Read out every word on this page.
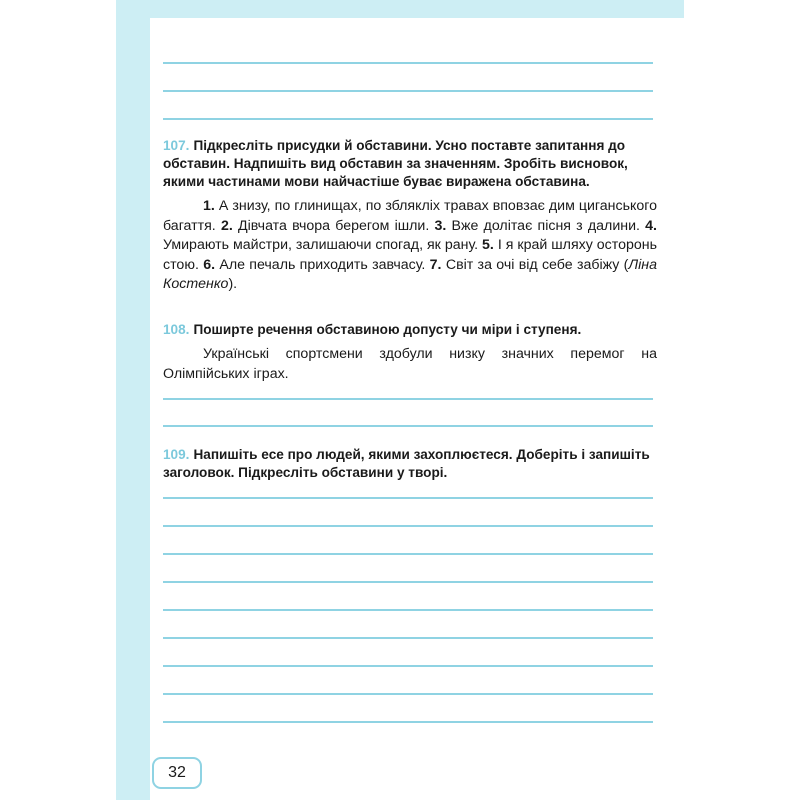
107. Підкресліть присудки й обставини. Усно поставте запитання до обставин. Надпишіть вид обставин за значенням. Зробіть висновок, якими частинами мови найчастіше буває виражена обставина.

1. А знизу, по глинищах, по зблякліх травах вповзає дим циганського багаття. 2. Дівчата вчора берегом ішли. 3. Вже долітає пісня з далини. 4. Умирають майстри, залишаючи спогад, як рану. 5. І я край шляху осторонь стою. 6. Але печаль приходить завчасу. 7. Світ за очі від себе забіжу (Ліна Костенко).

108. Поширте речення обставиною допусту чи міри і ступеня.

Українські спортсмени здобули низку значних перемог на Олімпійських іграх.

109. Напишіть есе про людей, якими захоплюєтеся. Доберіть і запишіть заголовок. Підкресліть обставини у творі.

32
